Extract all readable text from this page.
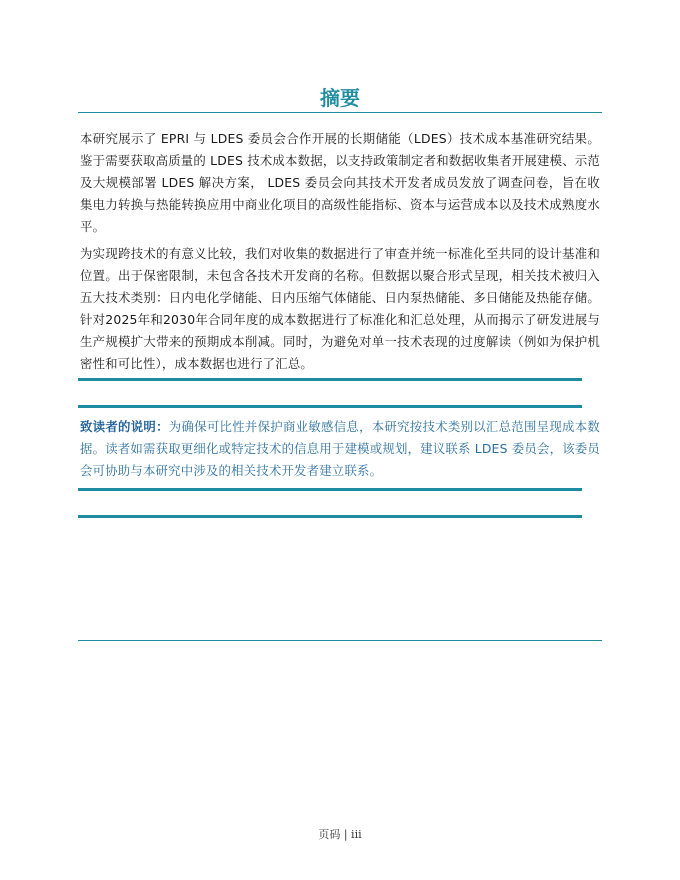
摘要

本研究展示了 EPRI 与 LDES 委员会合作开展的长期储能（LDES）技术成本基准研究结果。鉴于需要获取高质量的 LDES 技术成本数据，以支持政策制定者和数据收集者开展建模、示范及大规模部署 LDES 解决方案， LDES 委员会向其技术开发者成员发放了调查问卷，旨在收集电力转换与热能转换应用中商业化项目的高级性能指标、资本与运营成本以及技术成熟度水平。

为实现跨技术的有意义比较，我们对收集的数据进行了审查并统一标准化至共同的设计基准和位置。出于保密限制，未包含各技术开发商的名称。但数据以聚合形式呈现，相关技术被归入五大技术类别：日内电化学储能、日内压缩气体储能、日内泵热储能、多日储能及热能存储。针对2025年和2030年合同年度的成本数据进行了标准化和汇总处理，从而揭示了研发进展与生产规模扩大带来的预期成本削减。同时，为避免对单一技术表现的过度解读（例如为保护机密性和可比性），成本数据也进行了汇总。

致读者的说明：为确保可比性并保护商业敏感信息，本研究按技术类别以汇总范围呈现成本数据。读者如需获取更细化或特定技术的信息用于建模或规划，建议联系 LDES 委员会，该委员会可协助与本研究中涉及的相关技术开发者建立联系。

页码 | iii
